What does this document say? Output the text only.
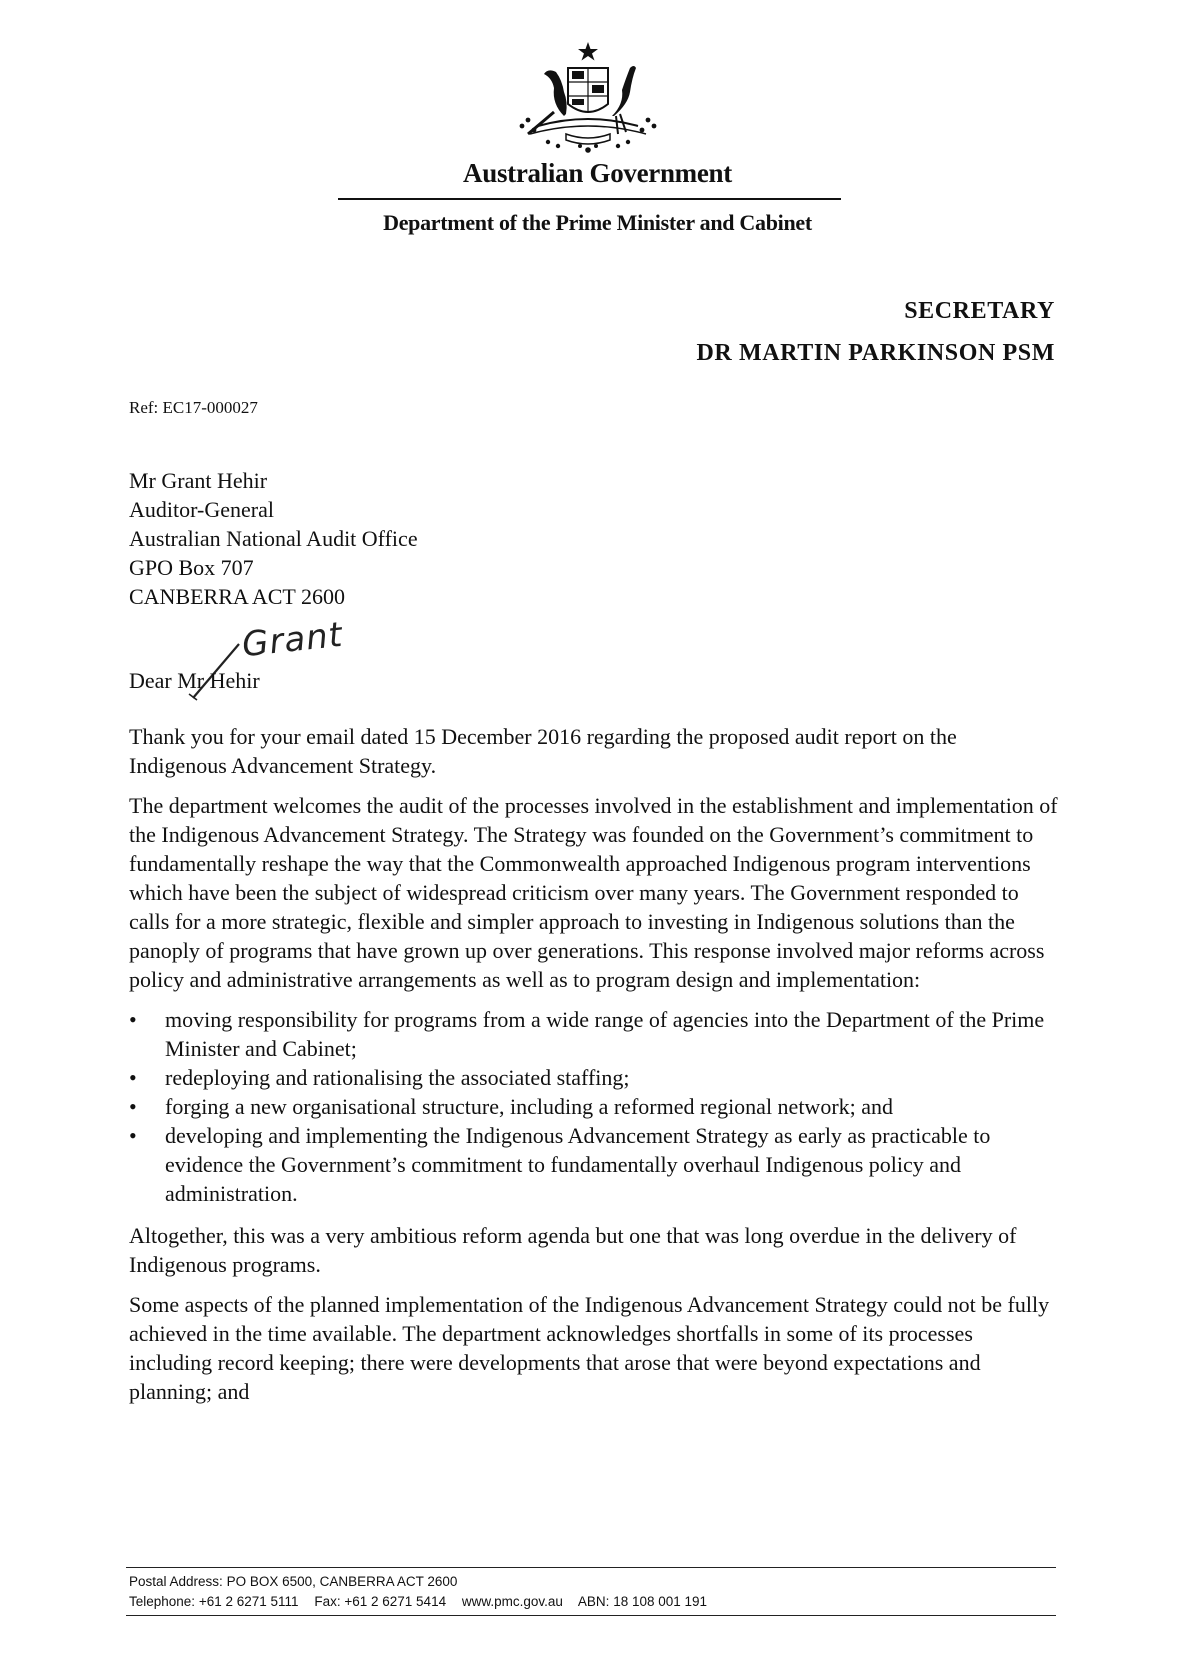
Australian Government
Department of the Prime Minister and Cabinet
SECRETARY
DR MARTIN PARKINSON PSM
Ref: EC17-000027
Mr Grant Hehir
Auditor-General
Australian National Audit Office
GPO Box 707
CANBERRA ACT 2600
Grant
Dear Mr Hehir

Thank you for your email dated 15 December 2016 regarding the proposed audit report on the Indigenous Advancement Strategy.

The department welcomes the audit of the processes involved in the establishment and implementation of the Indigenous Advancement Strategy. The Strategy was founded on the Government’s commitment to fundamentally reshape the way that the Commonwealth approached Indigenous program interventions which have been the subject of widespread criticism over many years. The Government responded to calls for a more strategic, flexible and simpler approach to investing in Indigenous solutions than the panoply of programs that have grown up over generations. This response involved major reforms across policy and administrative arrangements as well as to program design and implementation:

• moving responsibility for programs from a wide range of agencies into the Department of the Prime Minister and Cabinet;
• redeploying and rationalising the associated staffing;
• forging a new organisational structure, including a reformed regional network; and
• developing and implementing the Indigenous Advancement Strategy as early as practicable to evidence the Government’s commitment to fundamentally overhaul Indigenous policy and administration.

Altogether, this was a very ambitious reform agenda but one that was long overdue in the delivery of Indigenous programs.

Some aspects of the planned implementation of the Indigenous Advancement Strategy could not be fully achieved in the time available. The department acknowledges shortfalls in some of its processes including record keeping; there were developments that arose that were beyond expectations and planning; and

Postal Address: PO BOX 6500, CANBERRA ACT 2600
Telephone: +61 2 6271 5111 Fax: +61 2 6271 5414 www.pmc.gov.au ABN: 18 108 001 191
